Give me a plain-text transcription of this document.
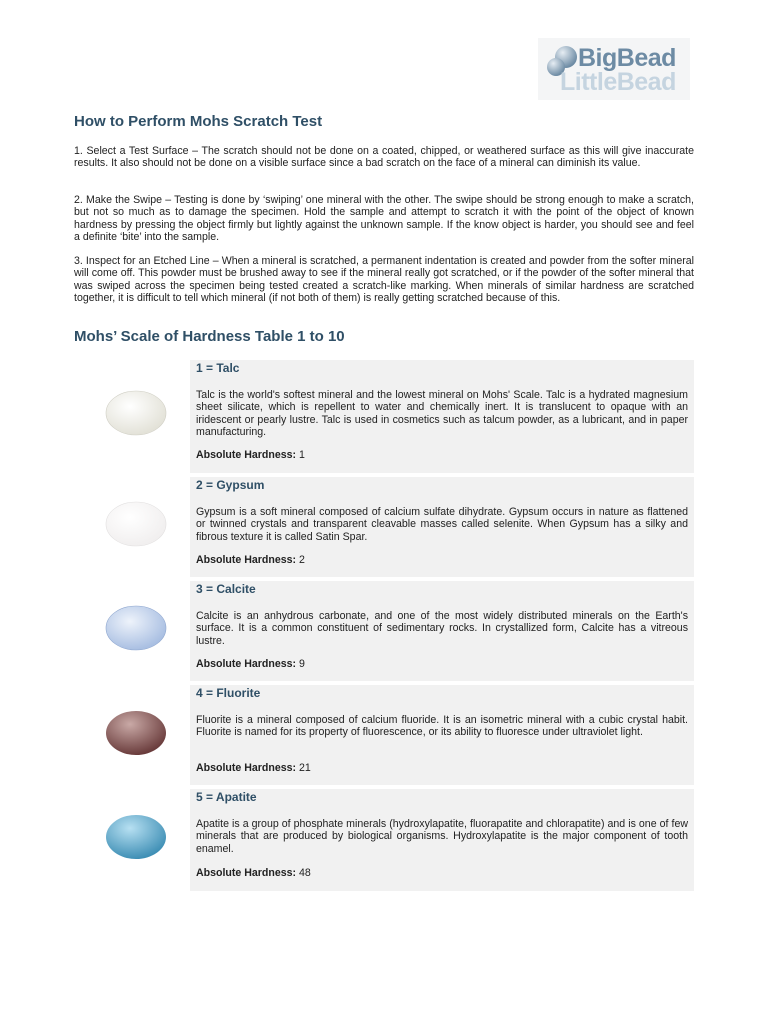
BigBead
LittleBead
How to Perform Mohs Scratch Test

1. Select a Test Surface – The scratch should not be done on a coated, chipped, or weathered surface as this will give inaccurate results. It also should not be done on a visible surface since a bad scratch on the face of a mineral can diminish its value.

2. Make the Swipe – Testing is done by ‘swiping’ one mineral with the other. The swipe should be strong enough to make a scratch, but not so much as to damage the specimen. Hold the sample and attempt to scratch it with the point of the object of known hardness by pressing the object firmly but lightly against the unknown sample. If the know object is harder, you should see and feel a definite ‘bite’ into the sample.

3. Inspect for an Etched Line – When a mineral is scratched, a permanent indentation is created and powder from the softer mineral will come off. This powder must be brushed away to see if the mineral really got scratched, or if the powder of the softer mineral that was swiped across the specimen being tested created a scratch-like marking. When minerals of similar hardness are scratched together, it is difficult to tell which mineral (if not both of them) is really getting scratched because of this.

Mohs’ Scale of Hardness Table 1 to 10
1 = Talc

Talc is the world's softest mineral and the lowest mineral on Mohs' Scale. Talc is a hydrated magnesium sheet silicate, which is repellent to water and chemically inert. It is translucent to opaque with an iridescent or pearly lustre. Talc is used in cosmetics such as talcum powder, as a lubricant, and in paper manufacturing.

Absolute Hardness: 1
2 = Gypsum

Gypsum is a soft mineral composed of calcium sulfate dihydrate. Gypsum occurs in nature as flattened or twinned crystals and transparent cleavable masses called selenite. When Gypsum has a silky and fibrous texture it is called Satin Spar.

Absolute Hardness: 2
3 = Calcite

Calcite is an anhydrous carbonate, and one of the most widely distributed minerals on the Earth's surface. It is a common constituent of sedimentary rocks. In crystallized form, Calcite has a vitreous lustre.

Absolute Hardness: 9
4 = Fluorite

Fluorite is a mineral composed of calcium fluoride. It is an isometric mineral with a cubic crystal habit. Fluorite is named for its property of fluorescence, or its ability to fluoresce under ultraviolet light.

Absolute Hardness: 21
5 = Apatite

Apatite is a group of phosphate minerals (hydroxylapatite, fluorapatite and chlorapatite) and is one of few minerals that are produced by biological organisms. Hydroxylapatite is the major component of tooth enamel.

Absolute Hardness: 48
